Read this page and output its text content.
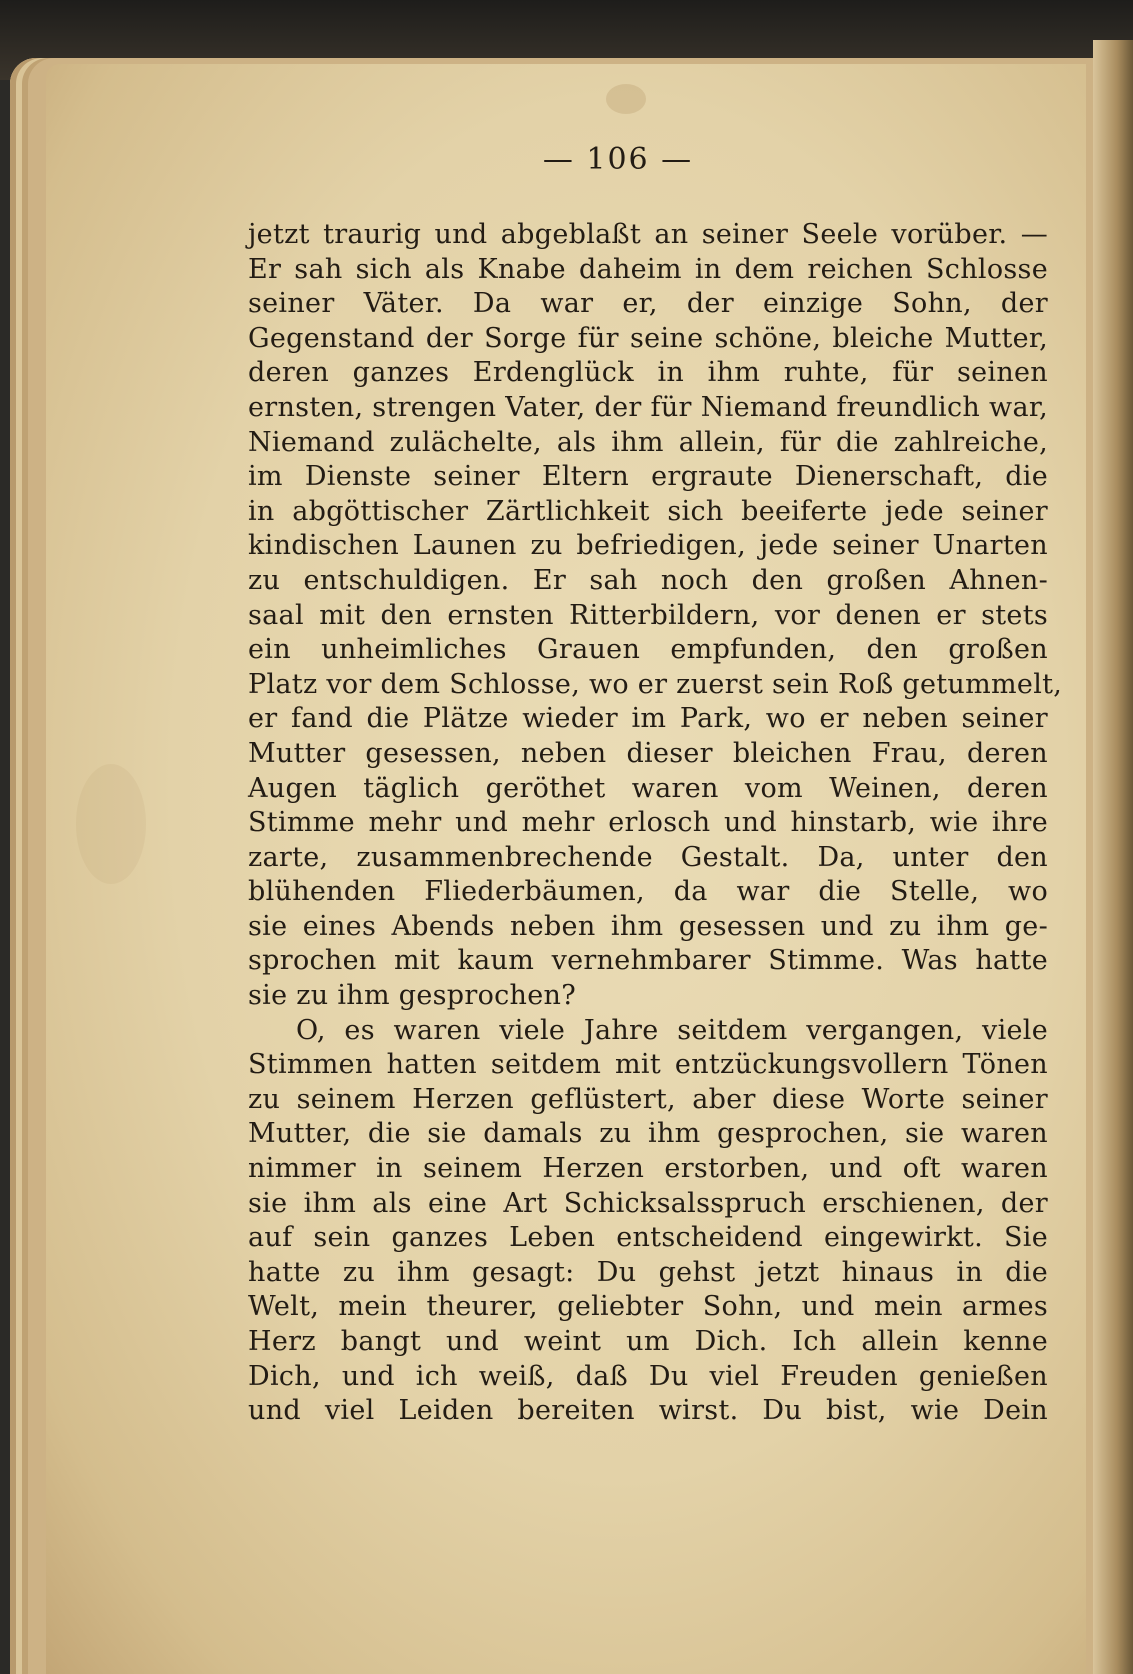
— 106 —
jetzt traurig und abgeblaßt an seiner Seele vorüber. —
Er sah sich als Knabe daheim in dem reichen Schlosse
seiner Väter. Da war er, der einzige Sohn, der
Gegenstand der Sorge für seine schöne, bleiche Mutter,
deren ganzes Erdenglück in ihm ruhte, für seinen
ernsten, strengen Vater, der für Niemand freundlich war,
Niemand zulächelte, als ihm allein, für die zahlreiche,
im Dienste seiner Eltern ergraute Dienerschaft, die
in abgöttischer Zärtlichkeit sich beeiferte jede seiner
kindischen Launen zu befriedigen, jede seiner Unarten
zu entschuldigen. Er sah noch den großen Ahnen-
saal mit den ernsten Ritterbildern, vor denen er stets
ein unheimliches Grauen empfunden, den großen
Platz vor dem Schlosse, wo er zuerst sein Roß getummelt,
er fand die Plätze wieder im Park, wo er neben seiner
Mutter gesessen, neben dieser bleichen Frau, deren
Augen täglich geröthet waren vom Weinen, deren
Stimme mehr und mehr erlosch und hinstarb, wie ihre
zarte, zusammenbrechende Gestalt. Da, unter den
blühenden Fliederbäumen, da war die Stelle, wo
sie eines Abends neben ihm gesessen und zu ihm ge-
sprochen mit kaum vernehmbarer Stimme. Was hatte
sie zu ihm gesprochen?
O, es waren viele Jahre seitdem vergangen, viele
Stimmen hatten seitdem mit entzückungsvollern Tönen
zu seinem Herzen geflüstert, aber diese Worte seiner
Mutter, die sie damals zu ihm gesprochen, sie waren
nimmer in seinem Herzen erstorben, und oft waren
sie ihm als eine Art Schicksalsspruch erschienen, der
auf sein ganzes Leben entscheidend eingewirkt. Sie
hatte zu ihm gesagt: Du gehst jetzt hinaus in die
Welt, mein theurer, geliebter Sohn, und mein armes
Herz bangt und weint um Dich. Ich allein kenne
Dich, und ich weiß, daß Du viel Freuden genießen
und viel Leiden bereiten wirst. Du bist, wie Dein
